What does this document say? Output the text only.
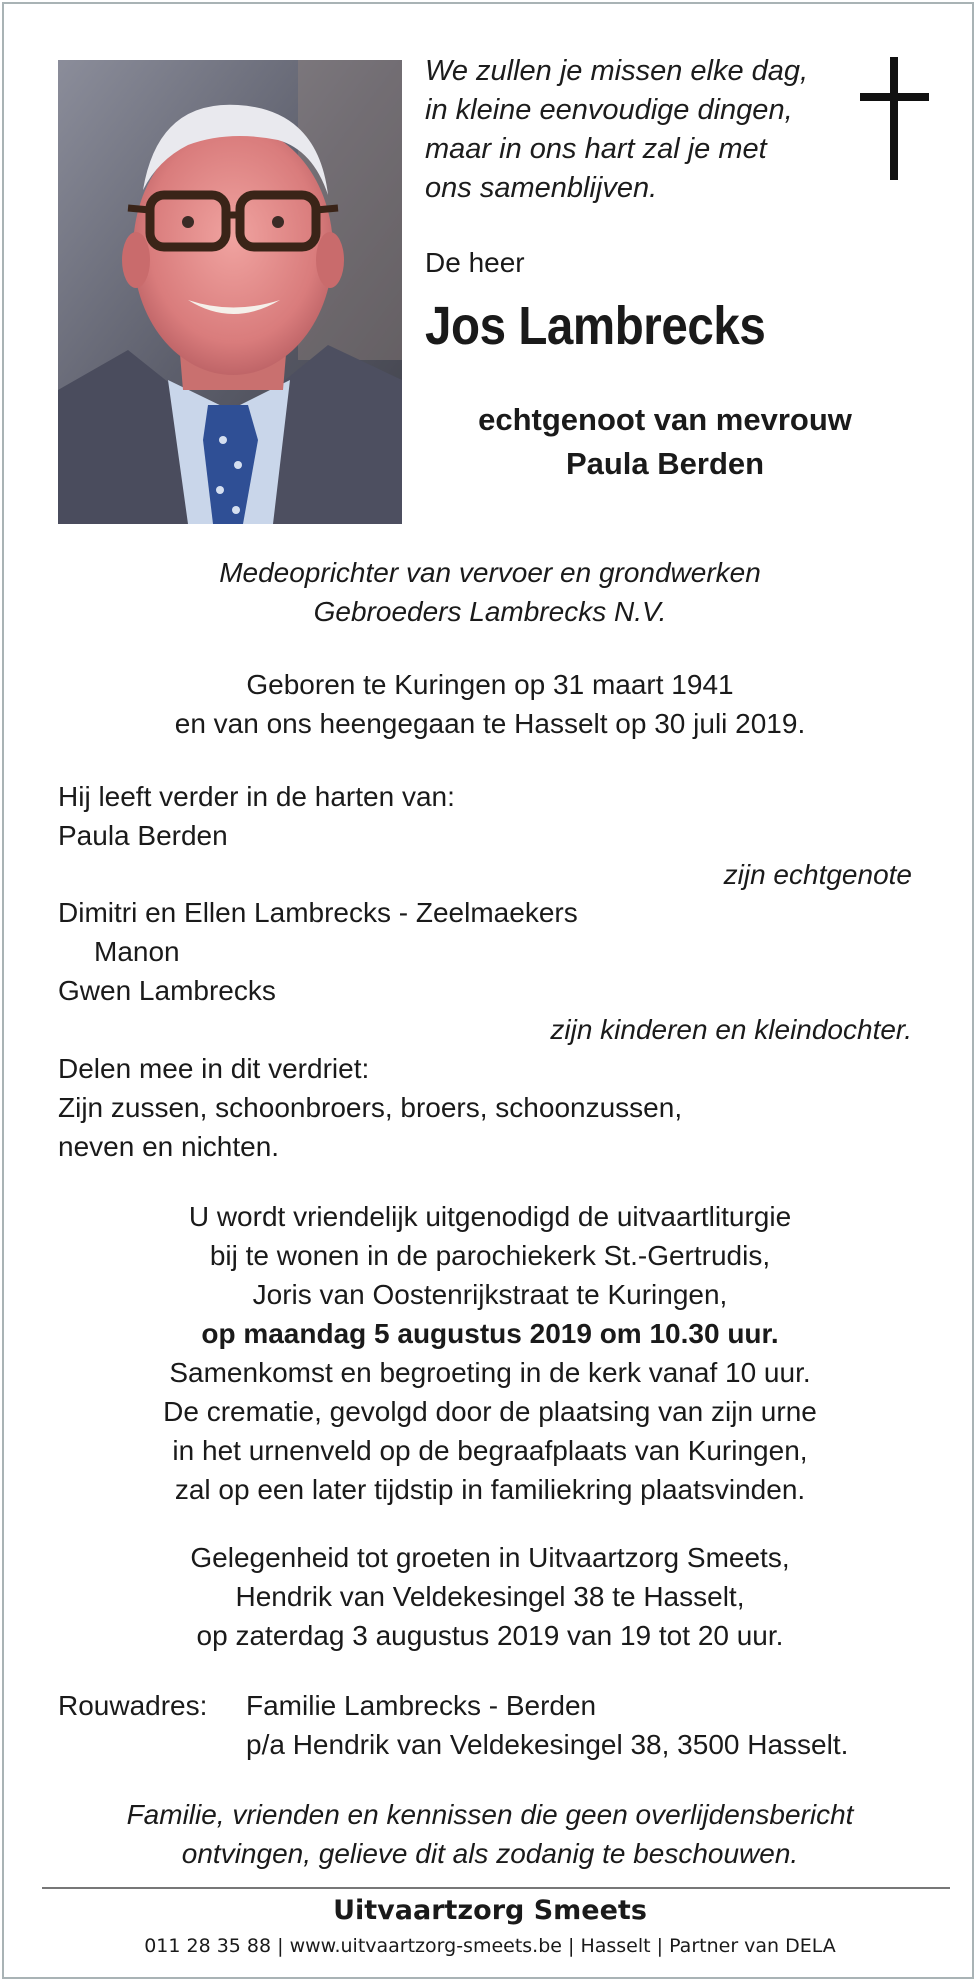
We zullen je missen elke dag,
in kleine eenvoudige dingen,
maar in ons hart zal je met
ons samenblijven.
De heer
Jos Lambrecks
echtgenoot van mevrouw
Paula Berden
Medeoprichter van vervoer en grondwerken
Gebroeders Lambrecks N.V.
Geboren te Kuringen op 31 maart 1941
en van ons heengegaan te Hasselt op 30 juli 2019.
Hij leeft verder in de harten van:
Paula Berden
zijn echtgenote
Dimitri en Ellen Lambrecks - Zeelmaekers
Manon
Gwen Lambrecks
zijn kinderen en kleindochter.
Delen mee in dit verdriet:
Zijn zussen, schoonbroers, broers, schoonzussen,
neven en nichten.
U wordt vriendelijk uitgenodigd de uitvaartliturgie
bij te wonen in de parochiekerk St.-Gertrudis,
Joris van Oostenrijkstraat te Kuringen,
op maandag 5 augustus 2019 om 10.30 uur.
Samenkomst en begroeting in de kerk vanaf 10 uur.
De crematie, gevolgd door de plaatsing van zijn urne
in het urnenveld op de begraafplaats van Kuringen,
zal op een later tijdstip in familiekring plaatsvinden.
Gelegenheid tot groeten in Uitvaartzorg Smeets,
Hendrik van Veldekesingel 38 te Hasselt,
op zaterdag 3 augustus 2019 van 19 tot 20 uur.
Rouwadres: Familie Lambrecks - Berden
p/a Hendrik van Veldekesingel 38, 3500 Hasselt.
Familie, vrienden en kennissen die geen overlijdensbericht
ontvingen, gelieve dit als zodanig te beschouwen.
Uitvaartzorg Smeets
011 28 35 88 | www.uitvaartzorg-smeets.be | Hasselt | Partner van DELA
